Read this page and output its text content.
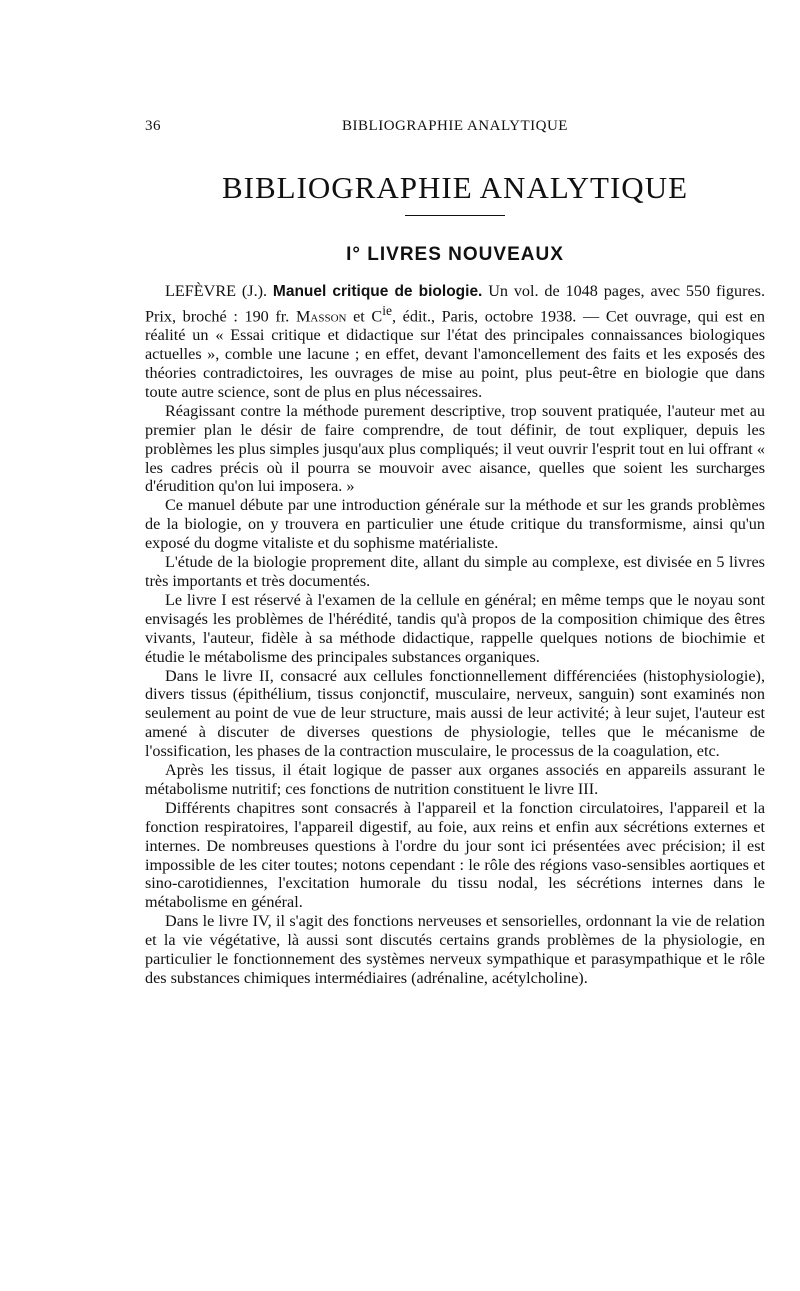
36	BIBLIOGRAPHIE ANALYTIQUE
BIBLIOGRAPHIE ANALYTIQUE
I° LIVRES NOUVEAUX

LEFÈVRE (J.). Manuel critique de biologie. Un vol. de 1048 pages, avec 550 figures. Prix, broché : 190 fr. Masson et $C^{ie}$, édit., Paris, octobre 1938. — Cet ouvrage, qui est en réalité un « Essai critique et didactique sur l'état des principales connaissances biologiques actuelles », comble une lacune ; en effet, devant l'amoncellement des faits et les exposés des théories contradictoires, les ouvrages de mise au point, plus peut-être en biologie que dans toute autre science, sont de plus en plus nécessaires.

Réagissant contre la méthode purement descriptive, trop souvent pratiquée, l'auteur met au premier plan le désir de faire comprendre, de tout définir, de tout expliquer, depuis les problèmes les plus simples jusqu'aux plus compliqués; il veut ouvrir l'esprit tout en lui offrant « les cadres précis où il pourra se mouvoir avec aisance, quelles que soient les surcharges d'érudition qu'on lui imposera. »

Ce manuel débute par une introduction générale sur la méthode et sur les grands problèmes de la biologie, on y trouvera en particulier une étude critique du transformisme, ainsi qu'un exposé du dogme vitaliste et du sophisme matérialiste.

L'étude de la biologie proprement dite, allant du simple au complexe, est divisée en 5 livres très importants et très documentés.

Le livre I est réservé à l'examen de la cellule en général; en même temps que le noyau sont envisagés les problèmes de l'hérédité, tandis qu'à propos de la composition chimique des êtres vivants, l'auteur, fidèle à sa méthode didactique, rappelle quelques notions de biochimie et étudie le métabolisme des principales substances organiques.

Dans le livre II, consacré aux cellules fonctionnellement différenciées (histophysiologie), divers tissus (épithélium, tissus conjonctif, musculaire, nerveux, sanguin) sont examinés non seulement au point de vue de leur structure, mais aussi de leur activité; à leur sujet, l'auteur est amené à discuter de diverses questions de physiologie, telles que le mécanisme de l'ossification, les phases de la contraction musculaire, le processus de la coagulation, etc.

Après les tissus, il était logique de passer aux organes associés en appareils assurant le métabolisme nutritif; ces fonctions de nutrition constituent le livre III.

Différents chapitres sont consacrés à l'appareil et la fonction circulatoires, l'appareil et la fonction respiratoires, l'appareil digestif, au foie, aux reins et enfin aux sécrétions externes et internes. De nombreuses questions à l'ordre du jour sont ici présentées avec précision; il est impossible de les citer toutes; notons cependant : le rôle des régions vaso-sensibles aortiques et sino-carotidiennes, l'excitation humorale du tissu nodal, les sécrétions internes dans le métabolisme en général.

Dans le livre IV, il s'agit des fonctions nerveuses et sensorielles, ordonnant la vie de relation et la vie végétative, là aussi sont discutés certains grands problèmes de la physiologie, en particulier le fonctionnement des systèmes nerveux sympathique et parasympathique et le rôle des substances chimiques intermédiaires (adrénaline, acétylcholine).
